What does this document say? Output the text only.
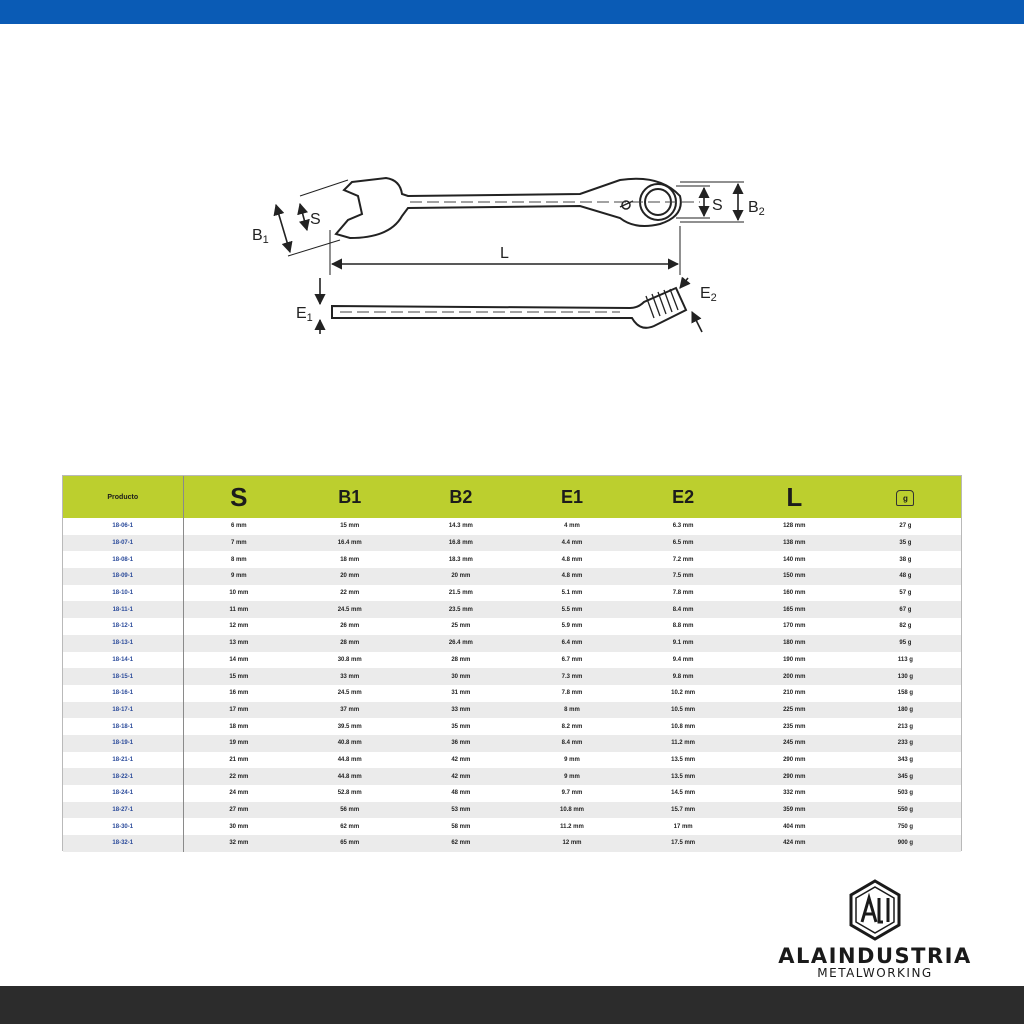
B1
S
L
S B2
E1
E2
Producto	S	B1	B2	E1	E2	L	g
18-06-1	6 mm	15 mm	14.3 mm	4 mm	6.3 mm	128 mm	27 g
18-07-1	7 mm	16.4 mm	16.8 mm	4.4 mm	6.5 mm	138 mm	35 g
18-08-1	8 mm	18 mm	18.3 mm	4.8 mm	7.2 mm	140 mm	38 g
18-09-1	9 mm	20 mm	20 mm	4.8 mm	7.5 mm	150 mm	48 g
18-10-1	10 mm	22 mm	21.5 mm	5.1 mm	7.8 mm	160 mm	57 g
18-11-1	11 mm	24.5 mm	23.5 mm	5.5 mm	8.4 mm	165 mm	67 g
18-12-1	12 mm	26 mm	25 mm	5.9 mm	8.8 mm	170 mm	82 g
18-13-1	13 mm	28 mm	26.4 mm	6.4 mm	9.1 mm	180 mm	95 g
18-14-1	14 mm	30.8 mm	28 mm	6.7 mm	9.4 mm	190 mm	113 g
18-15-1	15 mm	33 mm	30 mm	7.3 mm	9.8 mm	200 mm	130 g
18-16-1	16 mm	24.5 mm	31 mm	7.8 mm	10.2 mm	210 mm	158 g
18-17-1	17 mm	37 mm	33 mm	8 mm	10.5 mm	225 mm	180 g
18-18-1	18 mm	39.5 mm	35 mm	8.2 mm	10.8 mm	235 mm	213 g
18-19-1	19 mm	40.8 mm	36 mm	8.4 mm	11.2 mm	245 mm	233 g
18-21-1	21 mm	44.8 mm	42 mm	9 mm	13.5 mm	290 mm	343 g
18-22-1	22 mm	44.8 mm	42 mm	9 mm	13.5 mm	290 mm	345 g
18-24-1	24 mm	52.8 mm	48 mm	9.7 mm	14.5 mm	332 mm	503 g
18-27-1	27 mm	56 mm	53 mm	10.8 mm	15.7 mm	359 mm	550 g
18-30-1	30 mm	62 mm	58 mm	11.2 mm	17 mm	404 mm	750 g
18-32-1	32 mm	65 mm	62 mm	12 mm	17.5 mm	424 mm	900 g
ALAINDUSTRIA
METALWORKING
